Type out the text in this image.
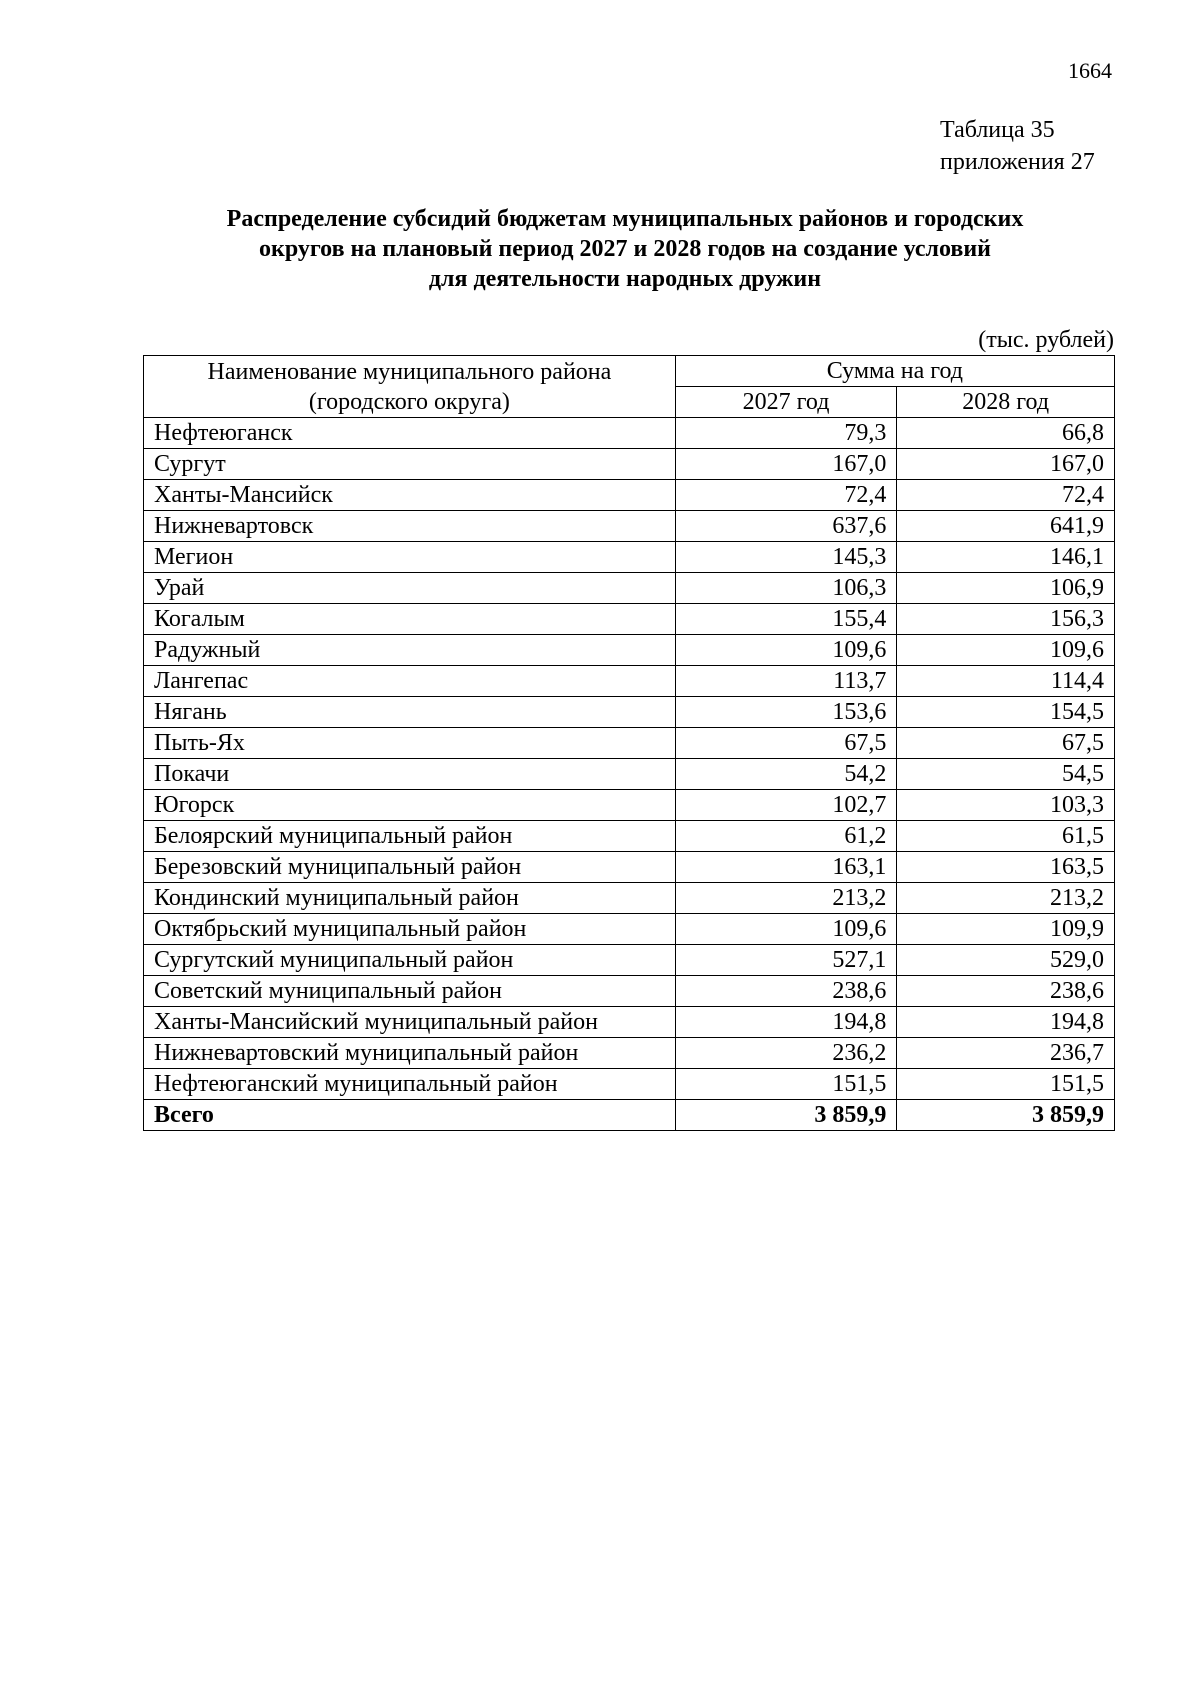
1664
Таблица 35
приложения 27
Распределение субсидий бюджетам муниципальных районов и городских
округов на плановый период 2027 и 2028 годов на создание условий
для деятельности народных дружин
(тыс. рублей)
Наименование муниципального района
(городского округа)	Сумма на год	
	2027 год	2028 год
Нефтеюганск	79,3	66,8
Сургут	167,0	167,0
Ханты-Мансийск	72,4	72,4
Нижневартовск	637,6	641,9
Мегион	145,3	146,1
Урай	106,3	106,9
Когалым	155,4	156,3
Радужный	109,6	109,6
Лангепас	113,7	114,4
Нягань	153,6	154,5
Пыть-Ях	67,5	67,5
Покачи	54,2	54,5
Югорск	102,7	103,3
Белоярский муниципальный район	61,2	61,5
Березовский муниципальный район	163,1	163,5
Кондинский муниципальный район	213,2	213,2
Октябрьский муниципальный район	109,6	109,9
Сургутский муниципальный район	527,1	529,0
Советский муниципальный район	238,6	238,6
Ханты-Мансийский муниципальный район	194,8	194,8
Нижневартовский муниципальный район	236,2	236,7
Нефтеюганский муниципальный район	151,5	151,5
Всего	3 859,9	3 859,9
